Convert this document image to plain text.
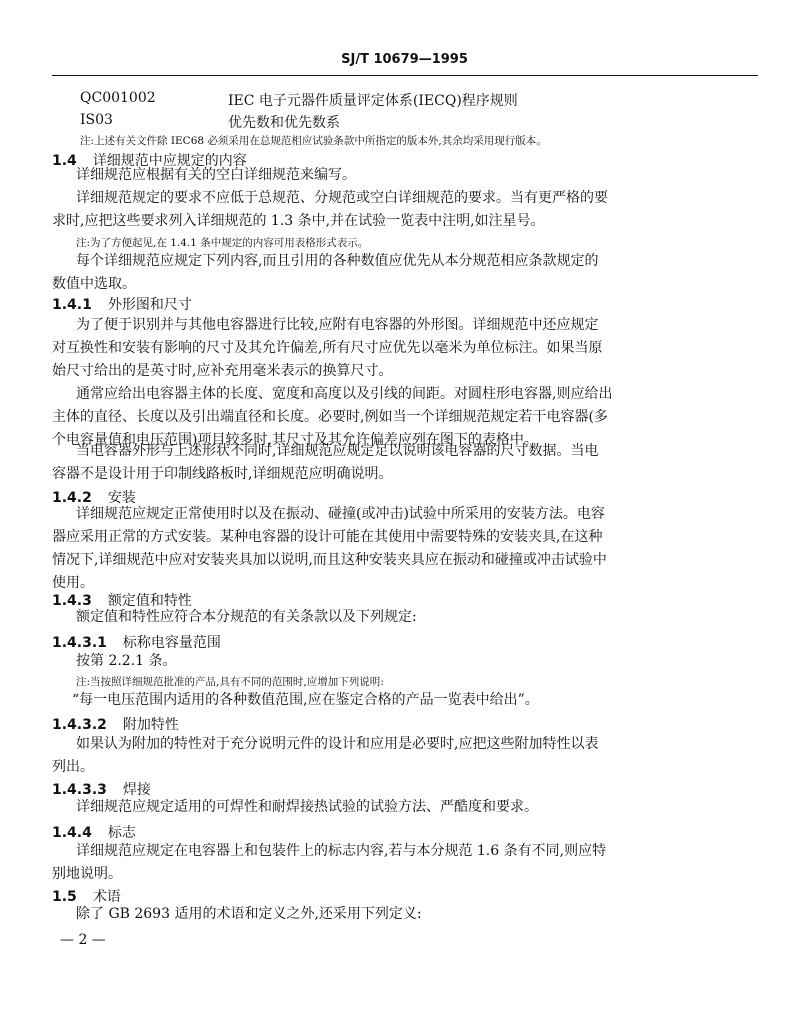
SJ/T 10679—1995
QC001002	IEC 电子元器件质量评定体系(IECQ)程序规则
IS03	优先数和优先数系
注:上述有关文件除 IEC68 必须采用在总规范相应试验条款中所指定的版本外,其余均采用现行版本。
1.4 详细规范中应规定的内容
详细规范应根据有关的空白详细规范来编写。
详细规范规定的要求不应低于总规范、分规范或空白详细规范的要求。当有更严格的要
求时,应把这些要求列入详细规范的 1.3 条中,并在试验一览表中注明,如注星号。
注:为了方便起见,在 1.4.1 条中规定的内容可用表格形式表示。
每个详细规范应规定下列内容,而且引用的各种数值应优先从本分规范相应条款规定的
数值中选取。
1.4.1 外形图和尺寸
为了便于识别并与其他电容器进行比较,应附有电容器的外形图。详细规范中还应规定
对互换性和安装有影响的尺寸及其允许偏差,所有尺寸应优先以毫米为单位标注。如果当原
始尺寸给出的是英寸时,应补充用毫米表示的换算尺寸。
通常应给出电容器主体的长度、宽度和高度以及引线的间距。对圆柱形电容器,则应给出
主体的直径、长度以及引出端直径和长度。必要时,例如当一个详细规范规定若干电容器(多
个电容量值和电压范围)项目较多时,其尺寸及其允许偏差应列在图下的表格中。
当电容器外形与上述形状不同时,详细规范应规定足以说明该电容器的尺寸数据。当电
容器不是设计用于印制线路板时,详细规范应明确说明。
1.4.2 安装
详细规范应规定正常使用时以及在振动、碰撞(或冲击)试验中所采用的安装方法。电容
器应采用正常的方式安装。某种电容器的设计可能在其使用中需要特殊的安装夹具,在这种
情况下,详细规范中应对安装夹具加以说明,而且这种安装夹具应在振动和碰撞或冲击试验中
使用。
1.4.3 额定值和特性
额定值和特性应符合本分规范的有关条款以及下列规定:
1.4.3.1 标称电容量范围
按第 2.2.1 条。
注:当按照详细规范批准的产品,具有不同的范围时,应增加下列说明:
“每一电压范围内适用的各种数值范围,应在鉴定合格的产品一览表中给出”。
1.4.3.2 附加特性
如果认为附加的特性对于充分说明元件的设计和应用是必要时,应把这些附加特性以表
列出。
1.4.3.3 焊接
详细规范应规定适用的可焊性和耐焊接热试验的试验方法、严酷度和要求。
1.4.4 标志
详细规范应规定在电容器上和包装件上的标志内容,若与本分规范 1.6 条有不同,则应特
别地说明。
1.5 术语
除了 GB 2693 适用的术语和定义之外,还采用下列定义:
— 2 —
